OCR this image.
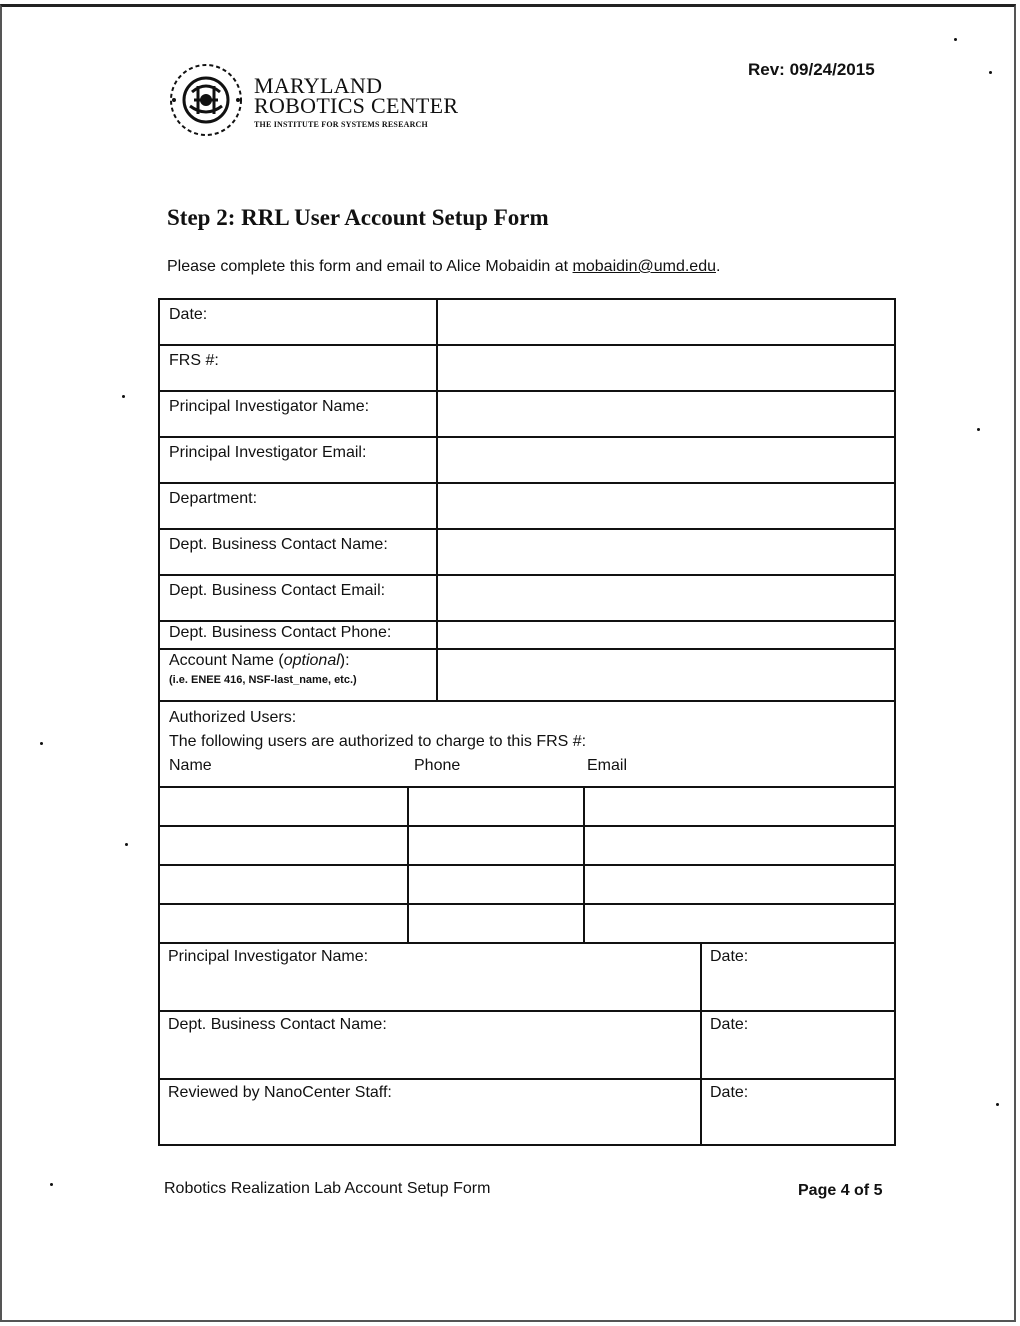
MARYLAND
ROBOTICS CENTER
THE INSTITUTE FOR SYSTEMS RESEARCH
Rev: 09/24/2015
Step 2: RRL User Account Setup Form
Please complete this form and email to Alice Mobaidin at mobaidin@umd.edu.
Date:
FRS #:
Principal Investigator Name:
Principal Investigator Email:
Department:
Dept. Business Contact Name:
Dept. Business Contact Email:
Dept. Business Contact Phone:
Account Name (optional):
(i.e. ENEE 416, NSF-last_name, etc.)
Authorized Users:
The following users are authorized to charge to this FRS #:
Name	Phone	Email
Principal Investigator Name:	Date:
Dept. Business Contact Name:	Date:
Reviewed by NanoCenter Staff:	Date:
Robotics Realization Lab Account Setup Form	Page 4 of 5
